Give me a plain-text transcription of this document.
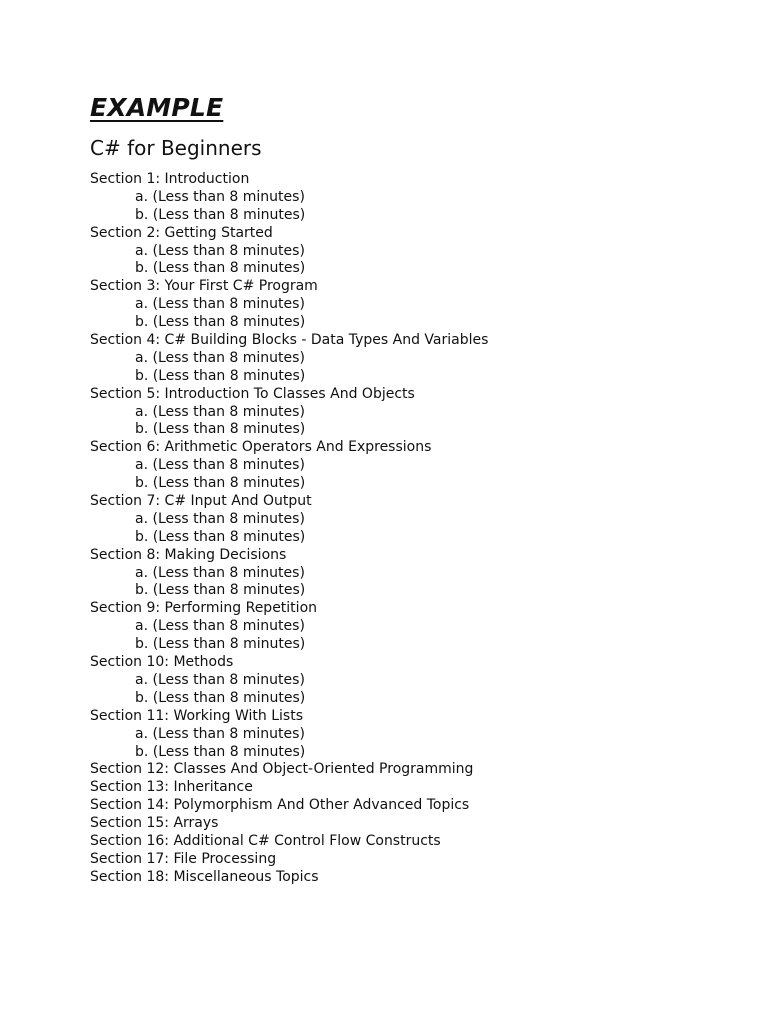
EXAMPLE
C# for Beginners
Section 1: Introduction
a. (Less than 8 minutes)
b. (Less than 8 minutes)
Section 2: Getting Started
a. (Less than 8 minutes)
b. (Less than 8 minutes)
Section 3: Your First C# Program
a. (Less than 8 minutes)
b. (Less than 8 minutes)
Section 4: C# Building Blocks - Data Types And Variables
a. (Less than 8 minutes)
b. (Less than 8 minutes)
Section 5: Introduction To Classes And Objects
a. (Less than 8 minutes)
b. (Less than 8 minutes)
Section 6: Arithmetic Operators And Expressions
a. (Less than 8 minutes)
b. (Less than 8 minutes)
Section 7: C# Input And Output
a. (Less than 8 minutes)
b. (Less than 8 minutes)
Section 8: Making Decisions
a. (Less than 8 minutes)
b. (Less than 8 minutes)
Section 9: Performing Repetition
a. (Less than 8 minutes)
b. (Less than 8 minutes)
Section 10: Methods
a. (Less than 8 minutes)
b. (Less than 8 minutes)
Section 11: Working With Lists
a. (Less than 8 minutes)
b. (Less than 8 minutes)
Section 12: Classes And Object-Oriented Programming
Section 13: Inheritance
Section 14: Polymorphism And Other Advanced Topics
Section 15: Arrays
Section 16: Additional C# Control Flow Constructs
Section 17: File Processing
Section 18: Miscellaneous Topics
